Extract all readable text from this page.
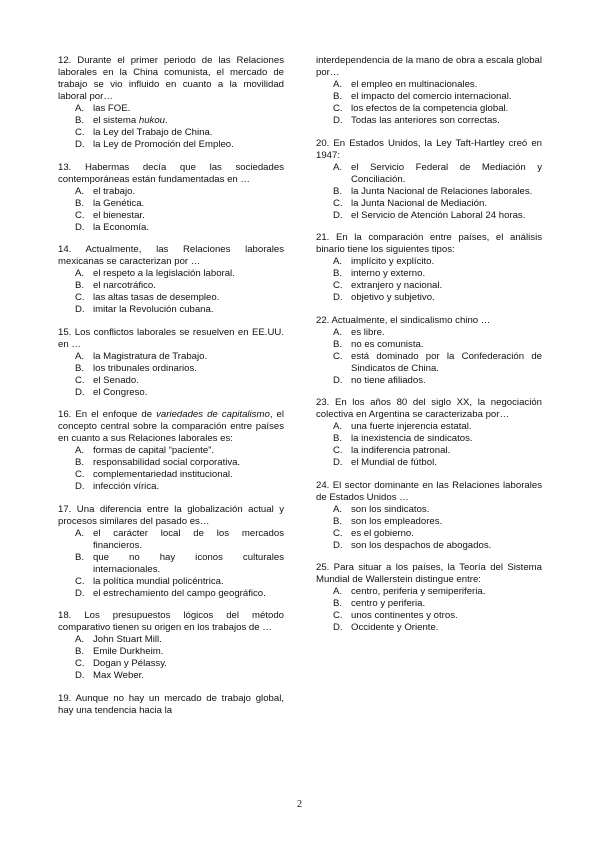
12. Durante el primer periodo de las Relaciones laborales en la China comunista, el mercado de trabajo se vio influido en cuanto a la movilidad laboral por…

A. las FOE.
B. el sistema hukou.
C. la Ley del Trabajo de China.
D. la Ley de Promoción del Empleo.

13. Habermas decía que las sociedades contemporáneas están fundamentadas en …

A. el trabajo.
B. la Genética.
C. el bienestar.
D. la Economía.

14. Actualmente, las Relaciones laborales mexicanas se caracterizan por …

A. el respeto a la legislación laboral.
B. el narcotráfico.
C. las altas tasas de desempleo.
D. imitar la Revolución cubana.

15. Los conflictos laborales se resuelven en EE.UU. en …

A. la Magistratura de Trabajo.
B. los tribunales ordinarios.
C. el Senado.
D. el Congreso.

16. En el enfoque de variedades de capitalismo, el concepto central sobre la comparación entre países en cuanto a sus Relaciones laborales es:

A. formas de capital “paciente”.
B. responsabilidad social corporativa.
C. complementariedad institucional.
D. infección vírica.

17. Una diferencia entre la globalización actual y procesos similares del pasado es…

A. el carácter local de los mercados financieros.
B. que no hay iconos culturales internacionales.
C. la política mundial policéntrica.
D. el estrechamiento del campo geográfico.

18. Los presupuestos lógicos del método comparativo tienen su origen en los trabajos de …

A. John Stuart Mill.
B. Emile Durkheim.
C. Dogan y Pélassy.
D. Max Weber.

19. Aunque no hay un mercado de trabajo global, hay una tendencia hacia la

interdependencia de la mano de obra a escala global por…

A. el empleo en multinacionales.
B. el impacto del comercio internacional.
C. los efectos de la competencia global.
D. Todas las anteriores son correctas.

20. En Estados Unidos, la Ley Taft-Hartley creó en 1947:

A. el Servicio Federal de Mediación y Conciliación.
B. la Junta Nacional de Relaciones laborales.
C. la Junta Nacional de Mediación.
D. el Servicio de Atención Laboral 24 horas.

21. En la comparación entre países, el análisis binario tiene los siguientes tipos:

A. implícito y explícito.
B. interno y externo.
C. extranjero y nacional.
D. objetivo y subjetivo.

22. Actualmente, el sindicalismo chino …

A. es libre.
B. no es comunista.
C. está dominado por la Confederación de Sindicatos de China.
D. no tiene afiliados.

23. En los años 80 del siglo XX, la negociación colectiva en Argentina se caracterizaba por…

A. una fuerte injerencia estatal.
B. la inexistencia de sindicatos.
C. la indiferencia patronal.
D. el Mundial de fútbol.

24. El sector dominante en las Relaciones laborales de Estados Unidos …

A. son los sindicatos.
B. son los empleadores.
C. es el gobierno.
D. son los despachos de abogados.

25. Para situar a los países, la Teoría del Sistema Mundial de Wallerstein distingue entre:

A. centro, periferia y semiperiferia.
B. centro y periferia.
C. unos continentes y otros.
D. Occidente y Oriente.
2
